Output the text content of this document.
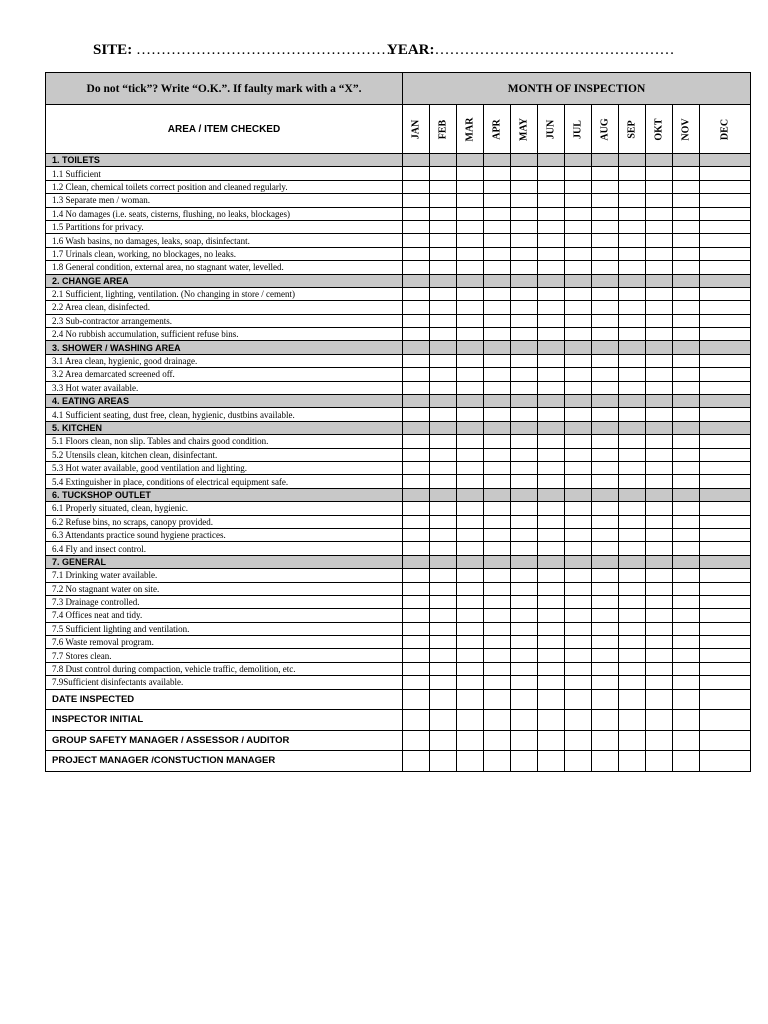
SITE: ……………………………………………
YEAR:…………………………………………
Do not “tick”? Write “O.K.”. If faulty mark with a “X”.	MONTH OF INSPECTION											
AREA / ITEM CHECKED	JAN	FEB	MAR	APR	MAY	JUN	JUL	AUG	SEP	OKT	NOV	DEC

1. TOILETS												
1.1 Sufficient												
1.2 Clean, chemical toilets correct position and cleaned regularly.												
1.3 Separate men / woman.												
1.4 No damages (i.e. seats, cisterns, flushing, no leaks, blockages)												
1.5 Partitions for privacy.												
1.6 Wash basins, no damages, leaks, soap, disinfectant.												
1.7 Urinals clean, working, no blockages, no leaks.												
1.8 General condition, external area, no stagnant water, levelled.												
2. CHANGE AREA												
2.1 Sufficient, lighting, ventilation. (No changing in store / cement)												
2.2 Area clean, disinfected.												
2.3 Sub-contractor arrangements.												
2.4 No rubbish accumulation, sufficient refuse bins.												
3. SHOWER / WASHING AREA												
3.1 Area clean, hygienic, good drainage.												
3.2 Area demarcated screened off.												
3.3 Hot water available.												
4. EATING AREAS												
4.1 Sufficient seating, dust free, clean, hygienic, dustbins available.												
5. KITCHEN												
5.1 Floors clean, non slip. Tables and chairs good condition.												
5.2 Utensils clean, kitchen clean, disinfectant.												
5.3 Hot water available, good ventilation and lighting.												
5.4 Extinguisher in place, conditions of electrical equipment safe.												
6. TUCKSHOP OUTLET												
6.1 Properly situated, clean, hygienic.												
6.2 Refuse bins, no scraps, canopy provided.												
6.3 Attendants practice sound hygiene practices.												
6.4 Fly and insect control.												
7. GENERAL												
7.1 Drinking water available.												
7.2 No stagnant water on site.												
7.3 Drainage controlled.												
7.4 Offices neat and tidy.												
7.5 Sufficient lighting and ventilation.												
7.6 Waste removal program.												
7.7 Stores clean.												
7.8 Dust control during compaction, vehicle traffic, demolition, etc.												
7.9Sufficient disinfectants available.												
DATE INSPECTED												
INSPECTOR INITIAL												
GROUP SAFETY MANAGER / ASSESSOR / AUDITOR												
PROJECT MANAGER /CONSTUCTION MANAGER												
